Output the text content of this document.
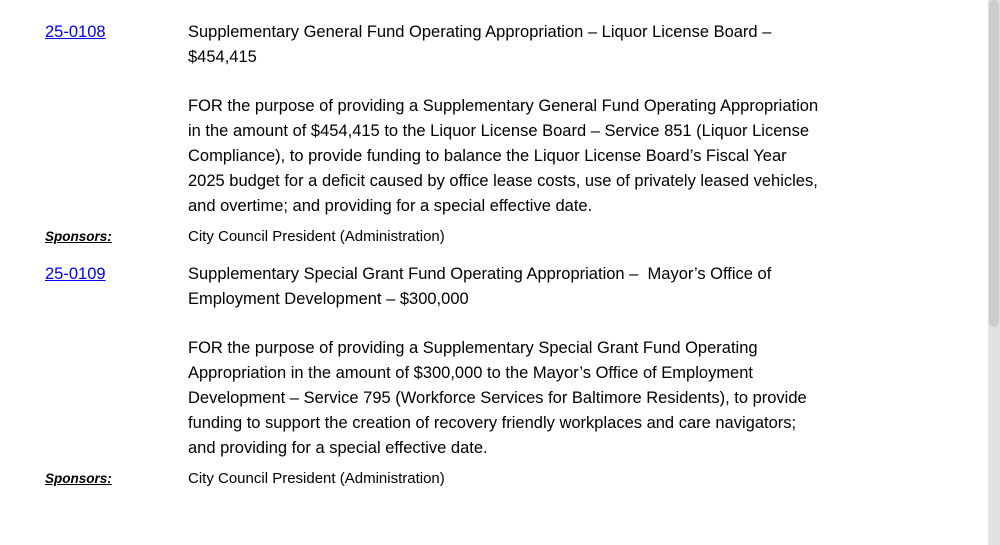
25-0108	Supplementary General Fund Operating Appropriation – Liquor License Board – $454,415

FOR the purpose of providing a Supplementary General Fund Operating Appropriation in the amount of $454,415 to the Liquor License Board – Service 851 (Liquor License Compliance), to provide funding to balance the Liquor License Board’s Fiscal Year 2025 budget for a deficit caused by office lease costs, use of privately leased vehicles, and overtime; and providing for a special effective date.

Sponsors:	City Council President (Administration)
25-0109	Supplementary Special Grant Fund Operating Appropriation –  Mayor’s Office of Employment Development – $300,000

FOR the purpose of providing a Supplementary Special Grant Fund Operating Appropriation in the amount of $300,000 to the Mayor’s Office of Employment Development – Service 795 (Workforce Services for Baltimore Residents), to provide funding to support the creation of recovery friendly workplaces and care navigators; and providing for a special effective date.

Sponsors:	City Council President (Administration)
